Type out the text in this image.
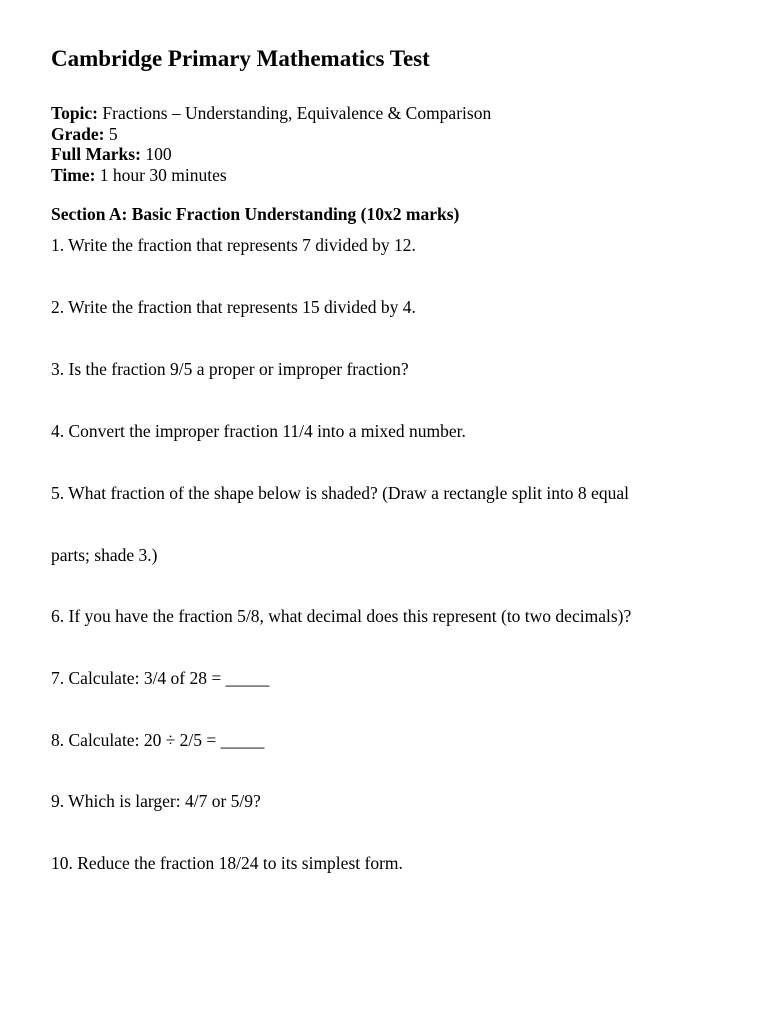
Cambridge Primary Mathematics Test
Topic: Fractions – Understanding, Equivalence & Comparison
Grade: 5
Full Marks: 100
Time: 1 hour 30 minutes
Section A: Basic Fraction Understanding (10x2 marks)

1. Write the fraction that represents 7 divided by 12.

2. Write the fraction that represents 15 divided by 4.

3. Is the fraction 9/5 a proper or improper fraction?

4. Convert the improper fraction 11/4 into a mixed number.

5. What fraction of the shape below is shaded? (Draw a rectangle split into 8 equal

parts; shade 3.)

6. If you have the fraction 5/8, what decimal does this represent (to two decimals)?

7. Calculate: 3/4 of 28 = _____

8. Calculate: 20 ÷ 2/5 = _____

9. Which is larger: 4/7 or 5/9?

10. Reduce the fraction 18/24 to its simplest form.
